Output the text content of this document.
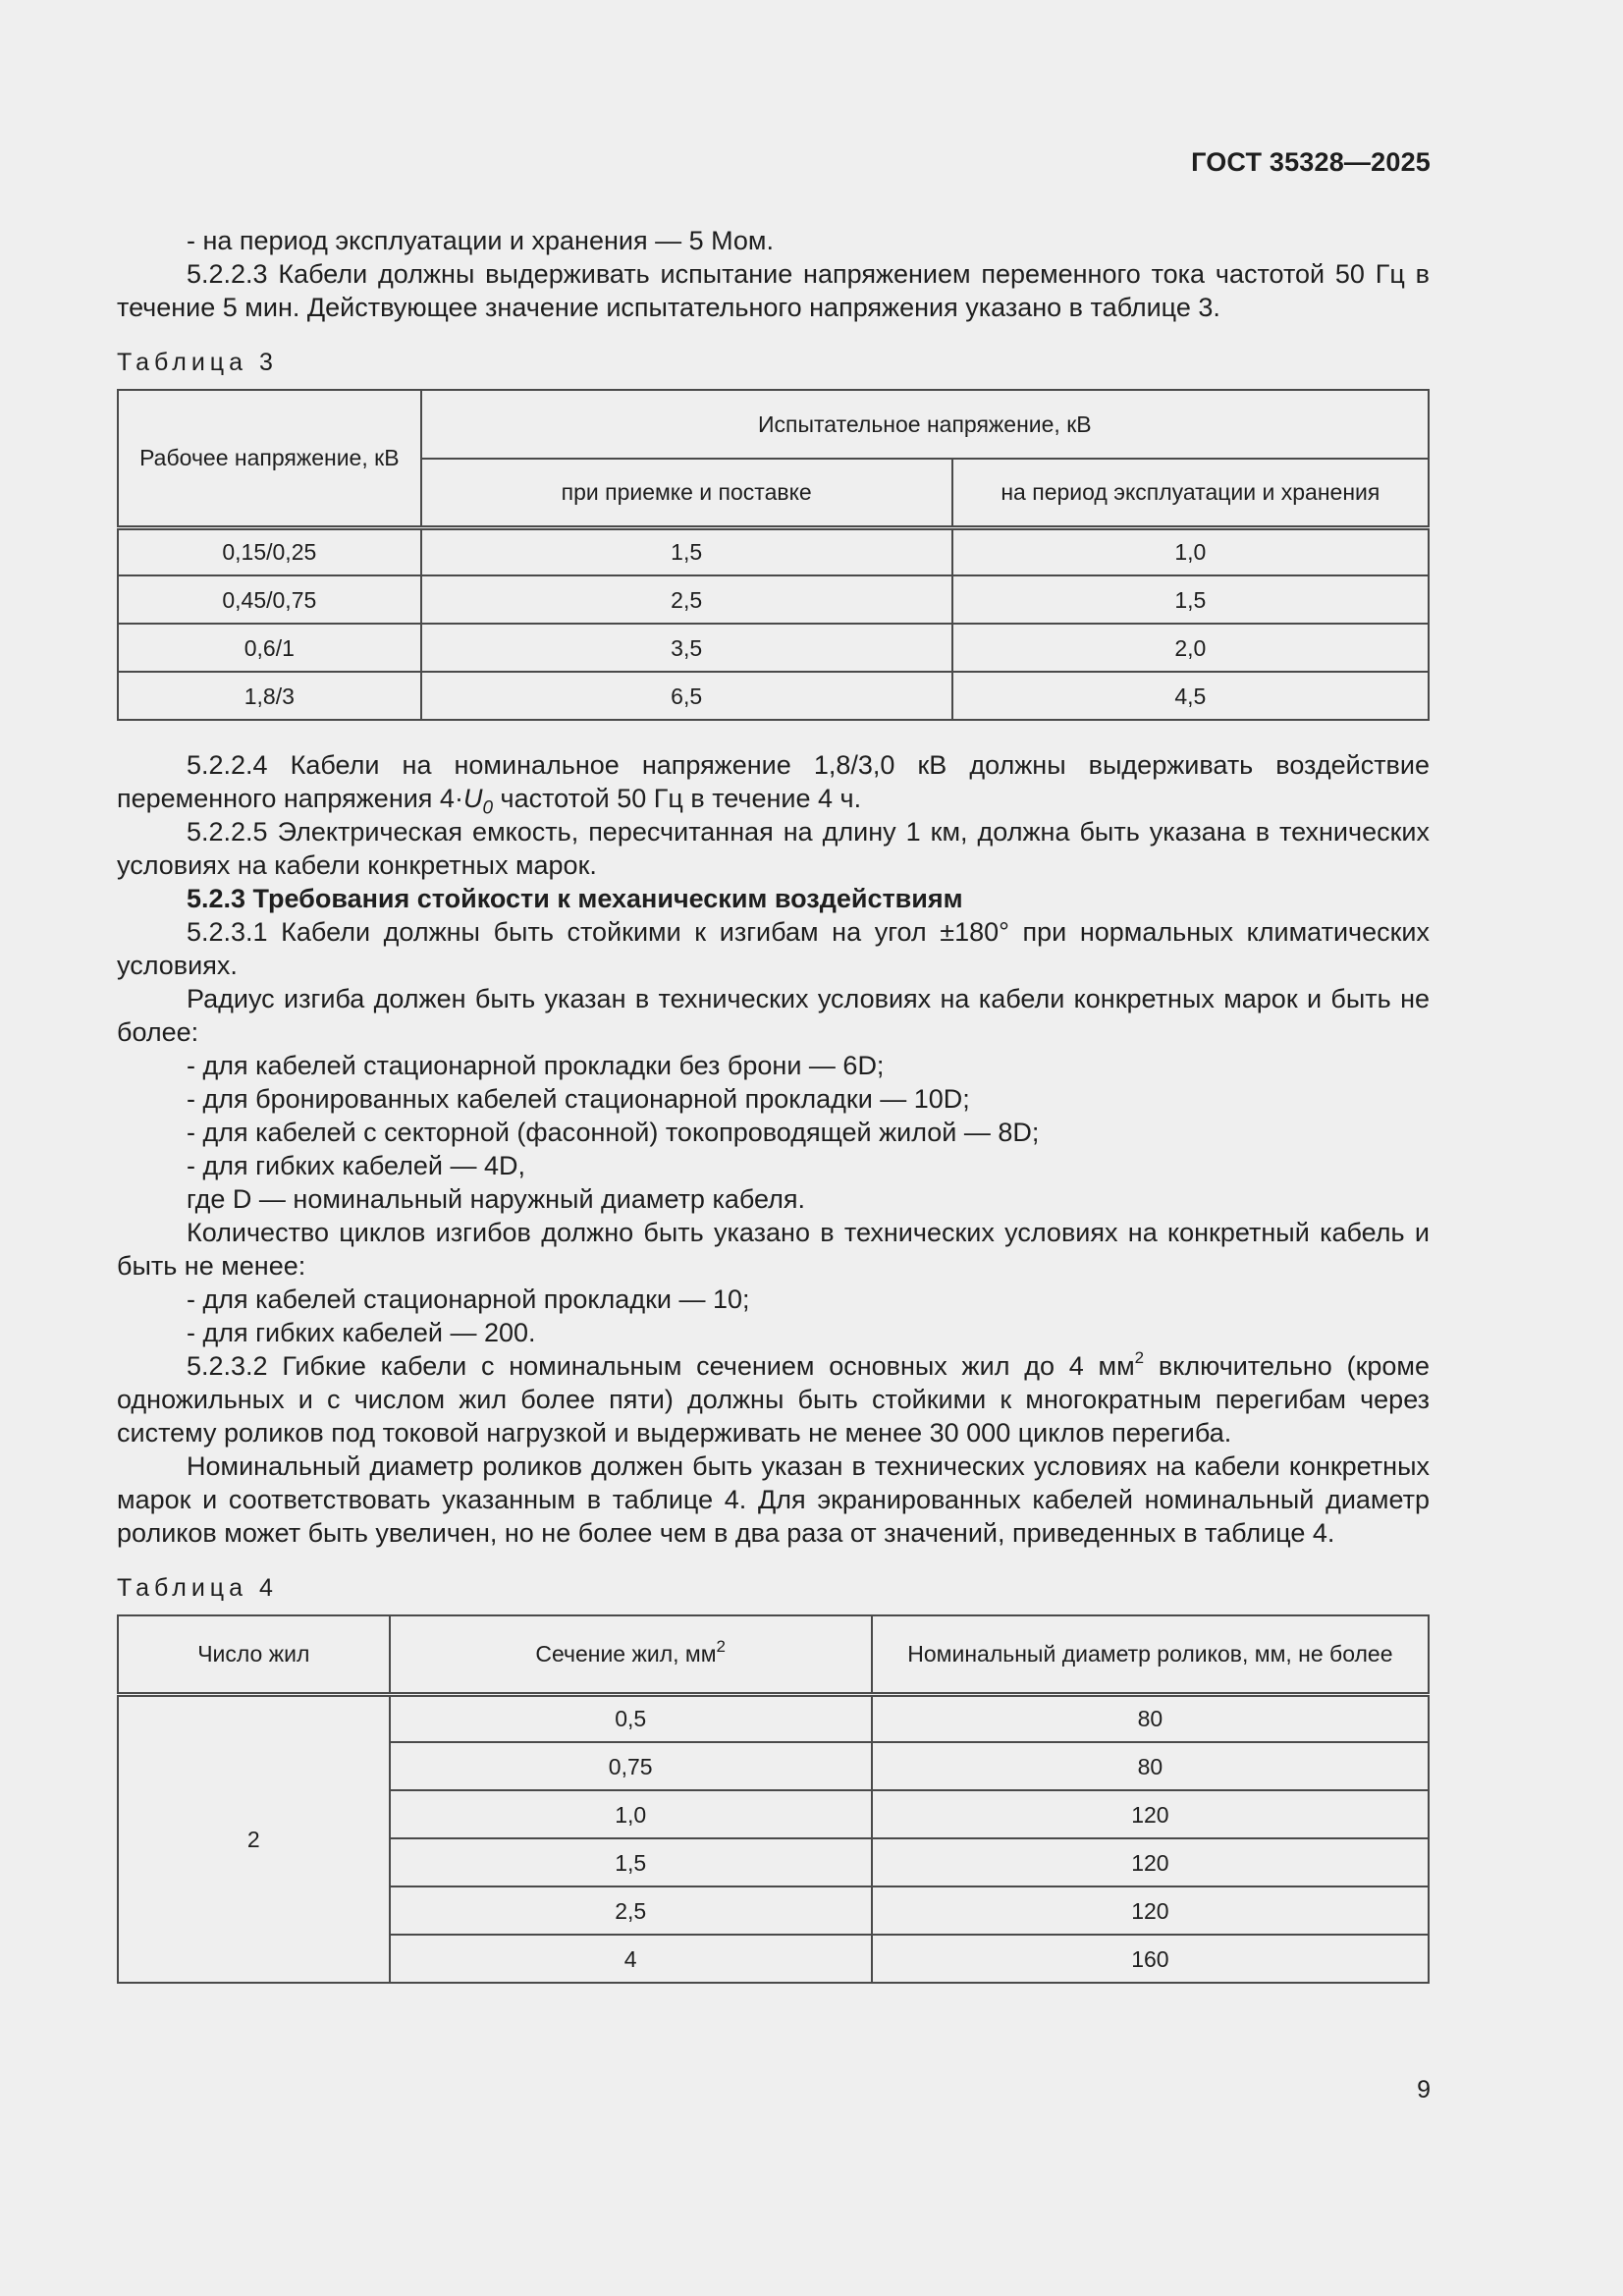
ГОСТ 35328—2025

- на период эксплуатации и хранения — 5 Мом.

5.2.2.3 Кабели должны выдерживать испытание напряжением переменного тока частотой 50 Гц в течение 5 мин. Действующее значение испытательного напряжения указано в таблице 3.

Таблица 3

Рабочее напряжение, кВ	Испытательное напряжение, кВ	
	при приемке и поставке	на период эксплуатации и хранения
0,15/0,25	1,5	1,0
0,45/0,75	2,5	1,5
0,6/1	3,5	2,0
1,8/3	6,5	4,5

5.2.2.4 Кабели на номинальное напряжение 1,8/3,0 кВ должны выдерживать воздействие переменного напряжения $4\cdot U_0$ частотой 50 Гц в течение 4 ч.

5.2.2.5 Электрическая емкость, пересчитанная на длину 1 км, должна быть указана в технических условиях на кабели конкретных марок.

5.2.3 Требования стойкости к механическим воздействиям

5.2.3.1 Кабели должны быть стойкими к изгибам на угол ±180° при нормальных климатических условиях.

Радиус изгиба должен быть указан в технических условиях на кабели конкретных марок и быть не более:

- для кабелей стационарной прокладки без брони — 6D;

- для бронированных кабелей стационарной прокладки — 10D;

- для кабелей с секторной (фасонной) токопроводящей жилой — 8D;

- для гибких кабелей — 4D,

где D — номинальный наружный диаметр кабеля.

Количество циклов изгибов должно быть указано в технических условиях на конкретный кабель и быть не менее:

- для кабелей стационарной прокладки — 10;

- для гибких кабелей — 200.

5.2.3.2 Гибкие кабели с номинальным сечением основных жил до 4 $мм^2$ включительно (кроме одножильных и с числом жил более пяти) должны быть стойкими к многократным перегибам через систему роликов под токовой нагрузкой и выдерживать не менее 30 000 циклов перегиба.

Номинальный диаметр роликов должен быть указан в технических условиях на кабели конкретных марок и соответствовать указанным в таблице 4. Для экранированных кабелей номинальный диаметр роликов может быть увеличен, но не более чем в два раза от значений, приведенных в таблице 4.

Таблица 4

Число жил	Сечение жил, $мм^2$	Номинальный диаметр роликов, мм, не более
2	0,5	80
	0,75	80
	1,0	120
	1,5	120
	2,5	120
	4	160
9
